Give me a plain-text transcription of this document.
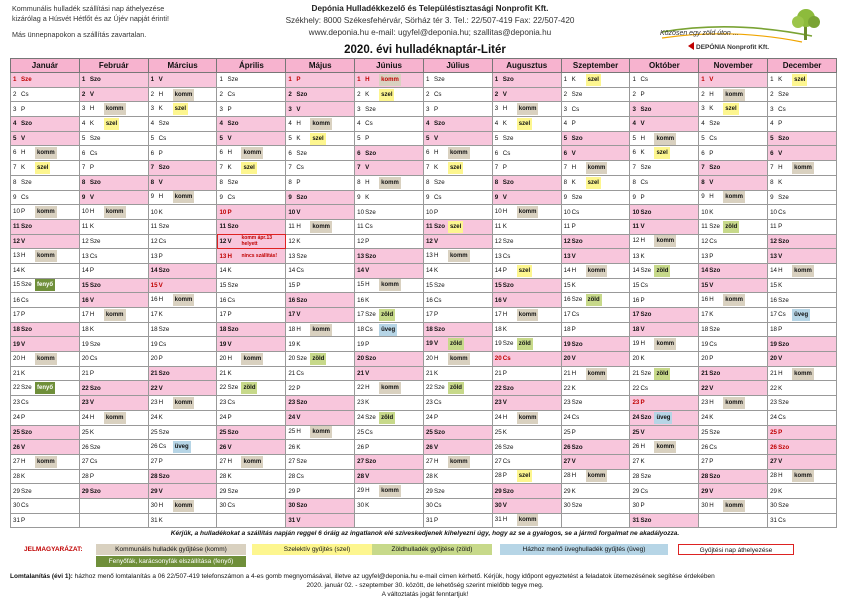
Kommunális hulladék szállítási nap áthelyezése
kizárólag a Húsvét Hétfőt és az Újév napját érinti!
Más ünnepnapokon a szállítás zavartalan.
Depónia Hulladékkezelő és Településtisztasági Nonprofit Kft.
Székhely: 8000 Székesfehérvár, Sörház tér 3. Tel.: 22/507-419 Fax: 22/507-420
www.deponia.hu e-mail: ugyfel@deponia.hu; szallitas@deponia.hu	Közösen egy zöld úton ...
DEPÓNIA Nonprofit Kft.
2020. évi hulladéknaptár-Litér
Január	Február	Március	Április	Május	Június	Július	Augusztus	Szeptember	Október	November	December
1 Sze	1 Szo	1 V	1 Sze	1 P	1 H komm	1 Sze	1 Szo	1 K szel	1 Cs	1 V	1 K szel
2 Cs	2 V	2 H komm	2 Cs	2 Szo	2 K szel	2 Cs	2 V	2 Sze	2 P	2 H komm	2 Sze
3 P	3 H komm	3 K szel	3 P	3 V	3 Sze	3 P	3 H komm	3 Cs	3 Szo	3 K szel	3 Cs
4 Szo	4 K szel	4 Sze	4 Szo	4 H komm	4 Cs	4 Szo	4 K szel	4 P	4 V	4 Sze	4 P
5 V	5 Sze	5 Cs	5 V	5 K szel	5 P	5 V	5 Sze	5 Szo	5 H komm	5 Cs	5 Szo
6 H komm	6 Cs	6 P	6 H komm	6 Sze	6 Szo	6 H komm	6 Cs	6 V	6 K szel	6 P	6 V
7 K szel	7 P	7 Szo	7 K szel	7 Cs	7 V	7 K szel	7 P	7 H komm	7 Sze	7 Szo	7 H komm
8 Sze	8 Szo	8 V	8 Sze	8 P	8 H komm	8 Sze	8 Szo	8 K szel	8 Cs	8 V	8 K
9 Cs	9 V	9 H komm	9 Cs	9 Szo	9 K	9 Cs	9 V	9 Sze	9 P	9 H komm	9 Sze
10P komm	10H komm	10K	10P	10V	10Sze	10P	10H komm	10Cs	10Szo	10K	10Cs
11Szo	11 K	11 Sze	11Szo	11 H komm	11 Cs	11Szo szel	11 K	11 P	11V	11 Sze zöld	11 P
12V	12Sze	12Cs	12V komm ápr.13 helyett	12K	12P	12V	12Sze	12Szo	12H komm	12Cs	12Szo
13H komm	13Cs	13P	13H nincs szállítás!	13Sze	13Szo	13H komm	13Cs	13V	13K	13P	13V
14K	14P	14Szo	14K	14Cs	14V	14K	14P szel	14H komm	14Sze zöld	14Szo	14H komm
15Sze fenyő	15Szo	15V	15Sze	15P	15H komm	15Sze	15Szo	15K	15Cs	15V	15K
16Cs	16V	16H komm	16Cs	16Szo	16K	16Cs	16V	16Sze zöld	16P	16H komm	16Sze
17P	17H komm	17K	17P	17V	17Sze zöld	17P	17H komm	17Cs	17Szo	17K	17Cs üveg
18Szo	18K	18Sze	18Szo	18H komm	18Cs üveg	18Szo	18K	18P	18V	18Sze	18P
19V	19Sze	19Cs	19V	19K	19P	19V zöld	19Sze zöld	19Szo	19H komm	19Cs	19Szo
20H komm	20Cs	20P	20H komm	20Sze zöld	20Szo	20H komm	20Cs	20V	20K	20P	20V
21K	21P	21Szo	21K	21Cs	21V	21K	21P	21H komm	21Sze zöld	21Szo	21H komm
22Sze fenyő	22Szo	22V	22Sze zöld	22P	22H komm	22Sze zöld	22Szo	22K	22Cs	22V	22K
23Cs	23V	23H komm	23Cs	23Szo	23K	23Cs	23V	23Sze	23P	23H komm	23Sze
24P	24H komm	24K	24P	24V	24Sze zöld	24P	24H komm	24Cs	24Szo üveg	24K	24Cs
25Szo	25K	25Sze	25Szo	25H komm	25Cs	25Szo	25K	25P	25V	25Sze	25P
26V	26Sze	26Cs üveg	26V	26K	26P	26V	26Sze	26Szo	26H komm	26Cs	26Szo
27H komm	27Cs	27P	27H komm	27Sze	27Szo	27H komm	27Cs	27V	27K	27P	27V
28K	28P	28Szo	28K	28Cs	28V	28K	28P szel	28H komm	28Sze	28Szo	28H komm
29Sze	29Szo	29V	29Sze	29P	29H komm	29Sze	29Szo	29K	29Cs	29V	29K
30Cs		30H komm	30Cs	30Szo	30K	30Cs	30V	30Sze	30P	30H komm	30Sze
31P		31K		31V		31P	31H komm		31Szo		31Cs
Kérjük, a hulladékokat a szállítás napján reggel 6 óráig az ingatlanok elé szíveskedjenek kihelyezni úgy, hogy az se a gyalogos, se a jármű forgalmat ne akadályozza.
JELMAGYARÁZAT:	Kommunális hulladék gyűjtése (komm)	Szelektív gyűjtés (szel)	Zöldhulladék gyűjtése (zöld)	Házhoz menő üveghulladék gyűjtés (üveg)	Gyűjtési nap áthelyezése
Fenyőfák, karácsonyfák elszállítása (fenyő)
Lomtalanítás (évi 1): házhoz menő lomtalanítás a 06 22/507-419 telefonszámon a 4-es gomb megnyomásával, illetve az ugyfel@deponia.hu e-mail címen kérhető. Kérjük, hogy időpont egyeztetést a feladatok ütemezésének segítése érdekében
2020. január 02. - szeptember 30. között, de lehetőség szerint mielőbb tegye meg.
A változtatás jogát fenntartjuk!
